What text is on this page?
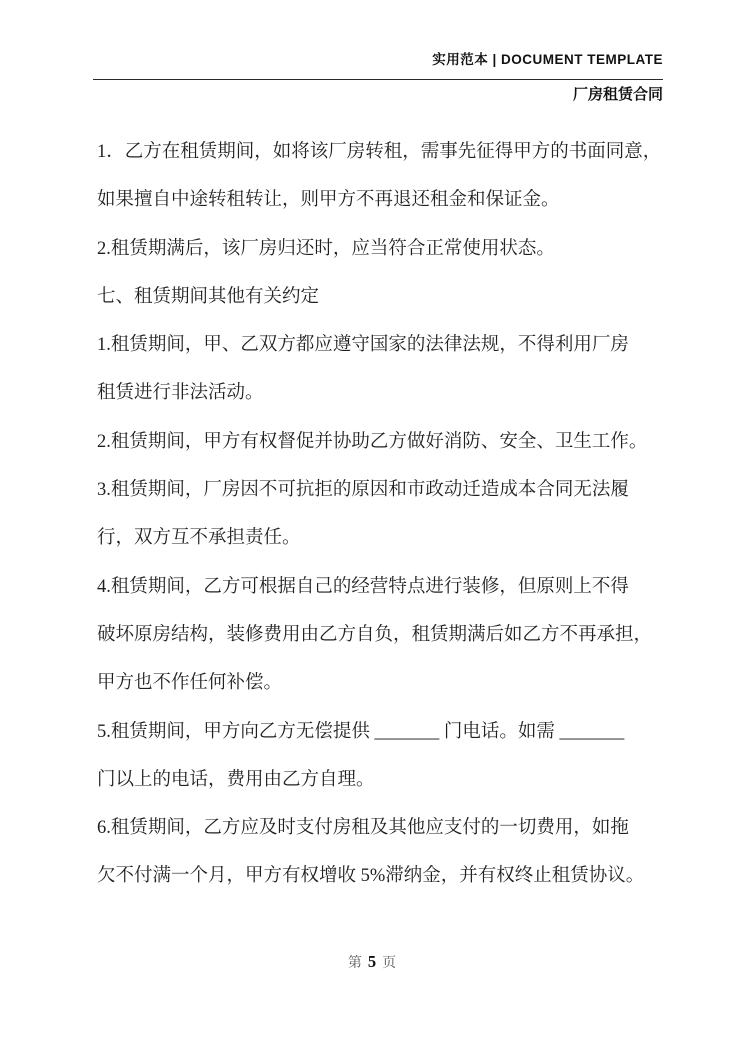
实用范本 | DOCUMENT TEMPLATE
厂房租赁合同
1．乙方在租赁期间，如将该厂房转租，需事先征得甲方的书面同意，
如果擅自中途转租转让，则甲方不再退还租金和保证金。
2.租赁期满后，该厂房归还时，应当符合正常使用状态。
七、租赁期间其他有关约定
1.租赁期间，甲、乙双方都应遵守国家的法律法规，不得利用厂房
租赁进行非法活动。
2.租赁期间，甲方有权督促并协助乙方做好消防、安全、卫生工作。
3.租赁期间，厂房因不可抗拒的原因和市政动迁造成本合同无法履
行，双方互不承担责任。
4.租赁期间，乙方可根据自己的经营特点进行装修，但原则上不得
破坏原房结构，装修费用由乙方自负，租赁期满后如乙方不再承担，
甲方也不作任何补偿。
5.租赁期间，甲方向乙方无偿提供 _______ 门电话。如需 _______
门以上的电话，费用由乙方自理。
6.租赁期间，乙方应及时支付房租及其他应支付的一切费用，如拖
欠不付满一个月，甲方有权增收 5%滞纳金，并有权终止租赁协议。
第 5 页
